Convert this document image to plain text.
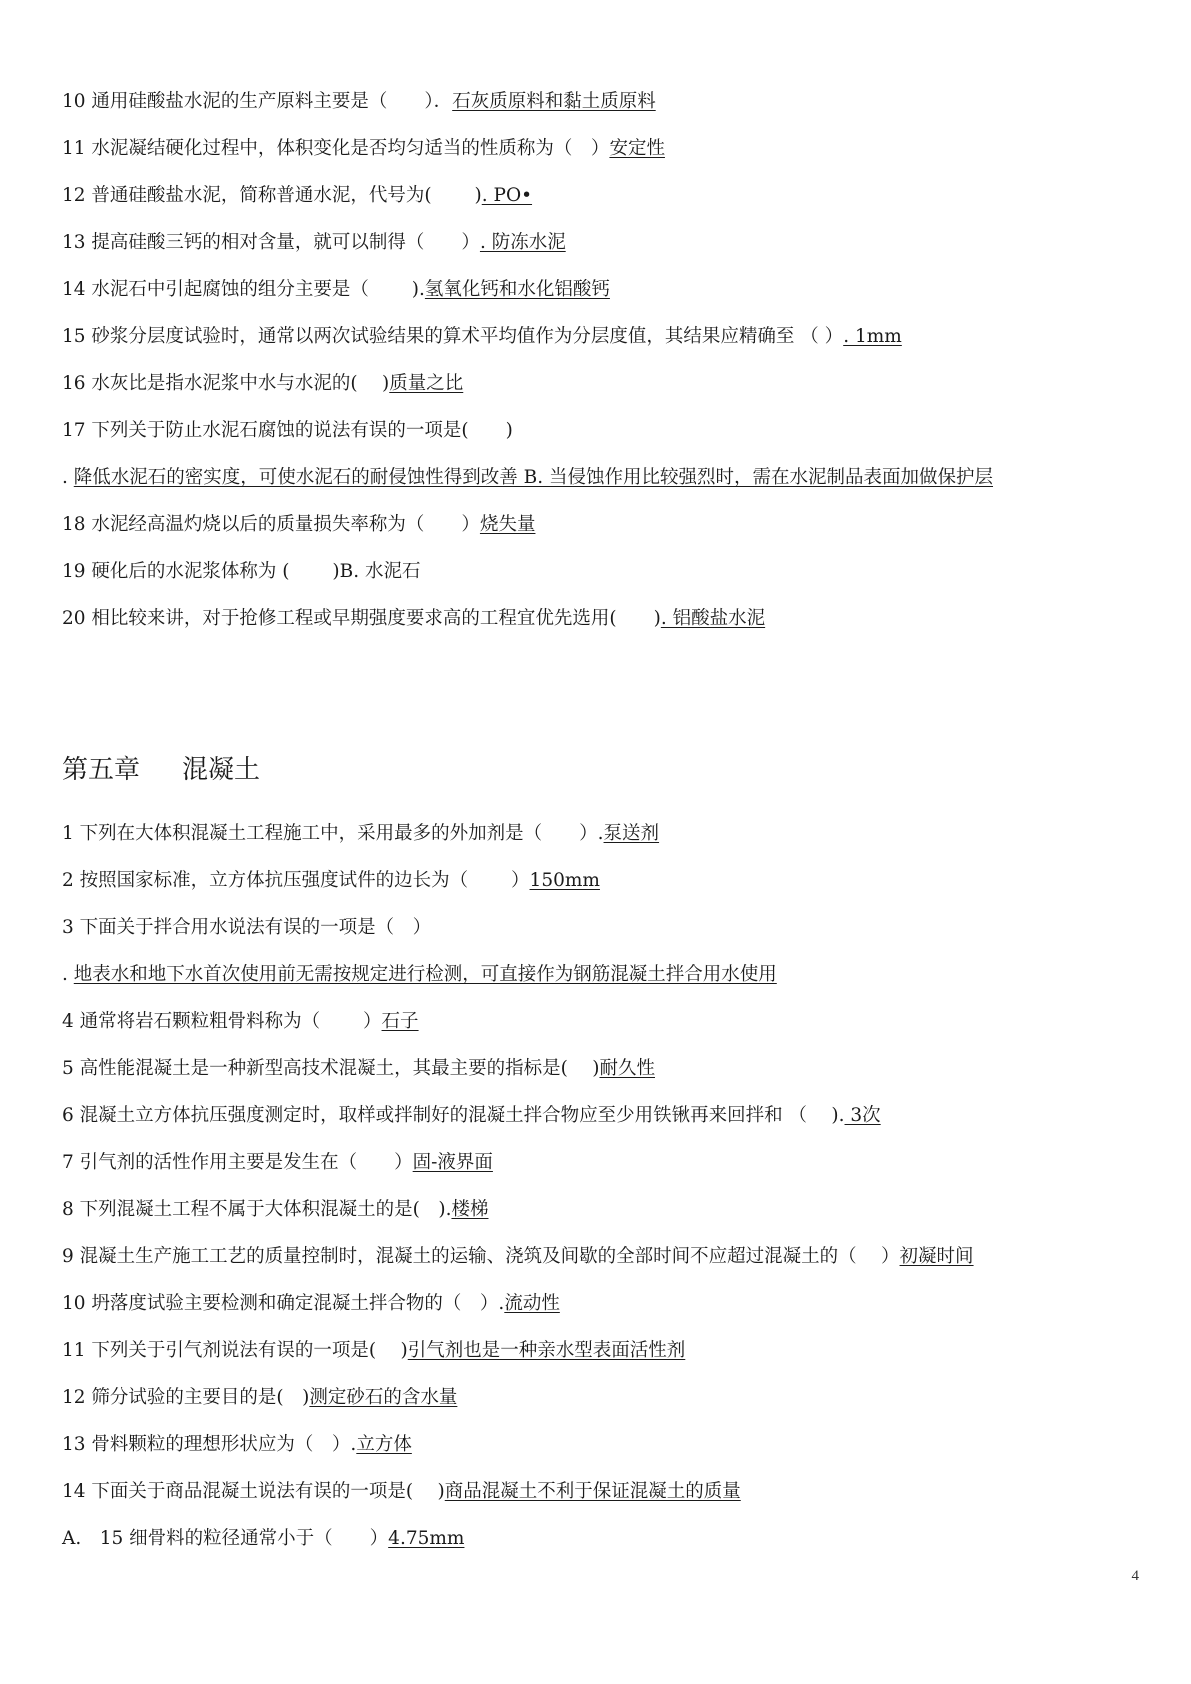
10 通用硅酸盐水泥的生产原料主要是（　　）．石灰质原料和黏土质原料

11 水泥凝结硬化过程中，体积变化是否均匀适当的性质称为（　）安定性

12 普通硅酸盐水泥，简称普通水泥，代号为(　　 ). PO•

13 提高硅酸三钙的相对含量，就可以制得（　　）. 防冻水泥

14 水泥石中引起腐蚀的组分主要是（　　 ).氢氧化钙和水化铝酸钙

15 砂浆分层度试验时，通常以两次试验结果的算术平均值作为分层度值，其结果应精确至 （ ）. 1mm

16 水灰比是指水泥浆中水与水泥的(　 )质量之比

17 下列关于防止水泥石腐蚀的说法有误的一项是(　　)

. 降低水泥石的密实度，可使水泥石的耐侵蚀性得到改善 B. 当侵蚀作用比较强烈时，需在水泥制品表面加做保护层

18 水泥经高温灼烧以后的质量损失率称为（　　）烧失量

19 硬化后的水泥浆体称为 (　　 )B. 水泥石

20 相比较来讲，对于抢修工程或早期强度要求高的工程宜优先选用(　　). 铝酸盐水泥

第五章 混凝土

1 下列在大体积混凝土工程施工中，采用最多的外加剂是（　　）.泵送剂

2 按照国家标准，立方体抗压强度试件的边长为（　　 ）150mm

3 下面关于拌合用水说法有误的一项是（　）

. 地表水和地下水首次使用前无需按规定进行检测，可直接作为钢筋混凝土拌合用水使用

4 通常将岩石颗粒粗骨料称为（　　 ）石子

5 高性能混凝土是一种新型高技术混凝土，其最主要的指标是(　 )耐久性

6 混凝土立方体抗压强度测定时，取样或拌制好的混凝土拌合物应至少用铁锹再来回拌和 （　 ). 3次

7 引气剂的活性作用主要是发生在（　　）固-液界面

8 下列混凝土工程不属于大体积混凝土的是(　).楼梯

9 混凝土生产施工工艺的质量控制时，混凝土的运输、浇筑及间歇的全部时间不应超过混凝土的（　 ）初凝时间

10 坍落度试验主要检测和确定混凝土拌合物的（　）.流动性

11 下列关于引气剂说法有误的一项是(　 )引气剂也是一种亲水型表面活性剂

12 筛分试验的主要目的是(　)测定砂石的含水量

13 骨料颗粒的理想形状应为（　）.立方体

14 下面关于商品混凝土说法有误的一项是(　 )商品混凝土不利于保证混凝土的质量

A.　15 细骨料的粒径通常小于（　　）4.75mm

4
